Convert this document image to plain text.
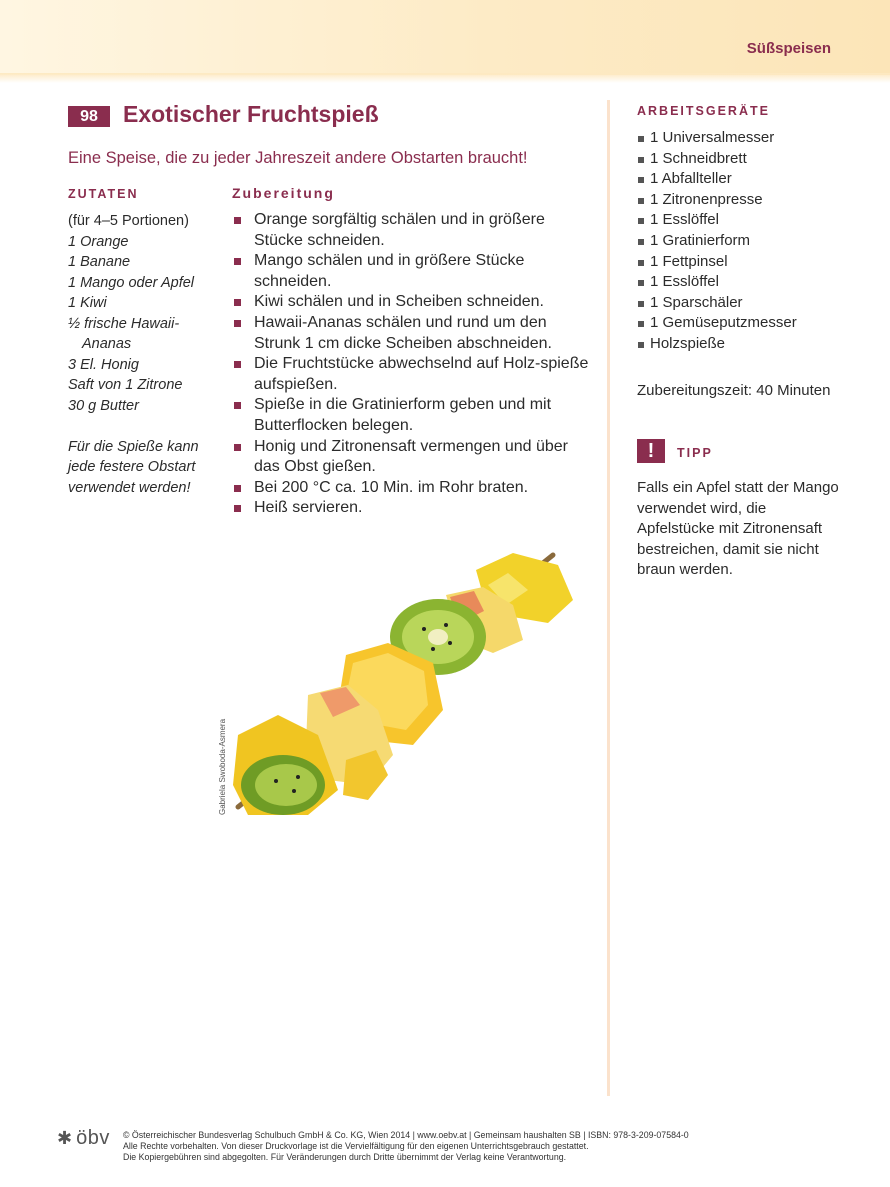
Süßspeisen
98	Exotischer Fruchtspieß

Eine Speise, die zu jeder Jahreszeit andere Obstarten braucht!

ZUTATEN	Zubereitung
(für 4–5 Portionen)
1 Orange
1 Banane
1 Mango oder Apfel
1 Kiwi
½ frische Hawaii-
Ananas
3 El. Honig
Saft von 1 Zitrone
30 g Butter
Für die Spieße kann
jede festere Obstart
verwendet werden!
Orange sorgfältig schälen und in größere Stücke schneiden.
Mango schälen und in größere Stücke schneiden.
Kiwi schälen und in Scheiben schneiden.
Hawaii-Ananas schälen und rund um den Strunk 1 cm dicke Scheiben abschneiden.
Die Fruchtstücke abwechselnd auf Holz-spieße aufspießen.
Spieße in die Gratinierform geben und mit Butterflocken belegen.
Honig und Zitronensaft vermengen und über das Obst gießen.
Bei 200 °C ca. 10 Min. im Rohr braten.
Heiß servieren.
Gabriela Swoboda-Asmera
ARBEITSGERÄTE
1 Universalmesser
1 Schneidbrett
1 Abfallteller
1 Zitronenpresse
1 Esslöffel
1 Gratinierform
1 Fettpinsel
1 Esslöffel
1 Sparschäler
1 Gemüseputzmesser
Holzspieße
Zubereitungszeit: 40 Minuten
!	TIPP

Falls ein Apfel statt der Mango verwendet wird, die Apfelstücke mit Zitronensaft bestreichen, damit sie nicht braun werden.

✱ öbv © Österreichischer Bundesverlag Schulbuch GmbH & Co. KG, Wien 2014 | www.oebv.at | Gemeinsam haushalten SB | ISBN: 978-3-209-07584-0
Alle Rechte vorbehalten. Von dieser Druckvorlage ist die Vervielfältigung für den eigenen Unterrichtsgebrauch gestattet.
Die Kopiergebühren sind abgegolten. Für Veränderungen durch Dritte übernimmt der Verlag keine Verantwortung.
